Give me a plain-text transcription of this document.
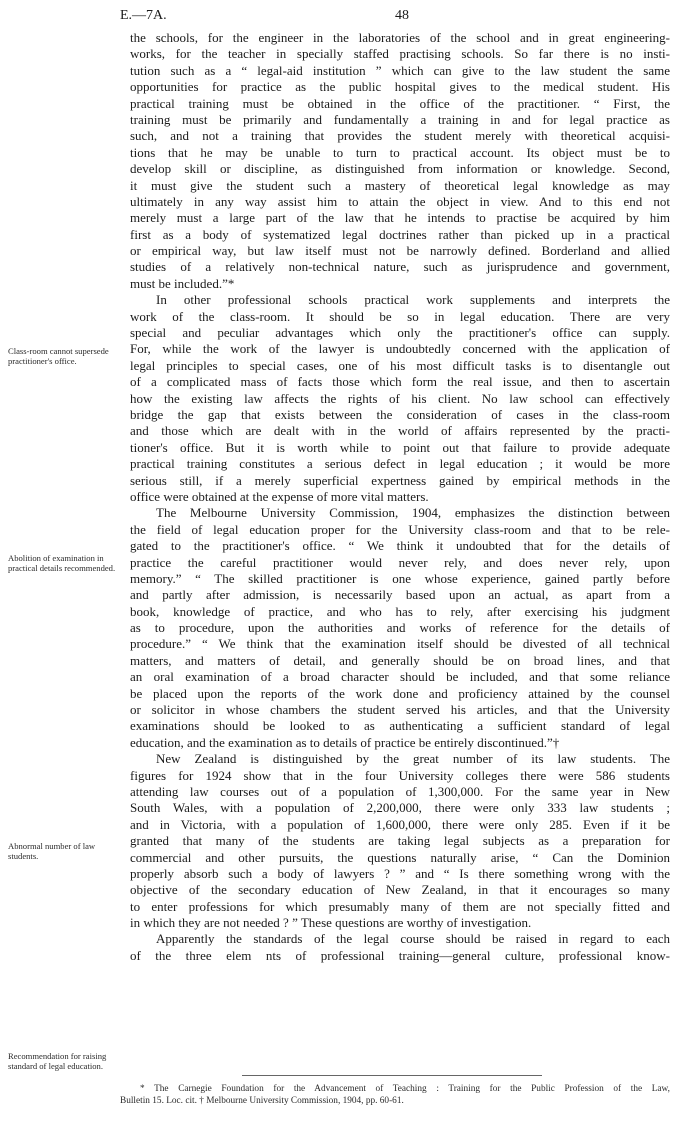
E.—7A.	48
Class-room cannot supersede practitioner's office.
Abolition of examination in practical details recommended.
Abnormal number of law students.
Recommendation for raising standard of legal education.
the schools, for the engineer in the laboratories of the school and in great engineering-
works, for the teacher in specially staffed practising schools. So far there is no insti-
tution such as a “ legal-aid institution ” which can give to the law student the same
opportunities for practice as the public hospital gives to the medical student. His
practical training must be obtained in the office of the practitioner. “ First, the
training must be primarily and fundamentally a training in and for legal practice as
such, and not a training that provides the student merely with theoretical acquisi-
tions that he may be unable to turn to practical account. Its object must be to
develop skill or discipline, as distinguished from information or knowledge. Second,
it must give the student such a mastery of theoretical legal knowledge as may
ultimately in any way assist him to attain the object in view. And to this end not
merely must a large part of the law that he intends to practise be acquired by him
first as a body of systematized legal doctrines rather than picked up in a practical
or empirical way, but law itself must not be narrowly defined. Borderland and allied
studies of a relatively non-technical nature, such as jurisprudence and government,
must be included.”*
In other professional schools practical work supplements and interprets the
work of the class-room. It should be so in legal education. There are very
special and peculiar advantages which only the practitioner's office can supply.
For, while the work of the lawyer is undoubtedly concerned with the application of
legal principles to special cases, one of his most difficult tasks is to disentangle out
of a complicated mass of facts those which form the real issue, and then to ascertain
how the existing law affects the rights of his client. No law school can effectively
bridge the gap that exists between the consideration of cases in the class-room
and those which are dealt with in the world of affairs represented by the practi-
tioner's office. But it is worth while to point out that failure to provide adequate
practical training constitutes a serious defect in legal education ; it would be more
serious still, if a merely superficial expertness gained by empirical methods in the
office were obtained at the expense of more vital matters.
The Melbourne University Commission, 1904, emphasizes the distinction between
the field of legal education proper for the University class-room and that to be rele-
gated to the practitioner's office. “ We think it undoubted that for the details of
practice the careful practitioner would never rely, and does never rely, upon
memory.” “ The skilled practitioner is one whose experience, gained partly before
and partly after admission, is necessarily based upon an actual, as apart from a
book, knowledge of practice, and who has to rely, after exercising his judgment
as to procedure, upon the authorities and works of reference for the details of
procedure.” “ We think that the examination itself should be divested of all technical
matters, and matters of detail, and generally should be on broad lines, and that
an oral examination of a broad character should be included, and that some reliance
be placed upon the reports of the work done and proficiency attained by the counsel
or solicitor in whose chambers the student served his articles, and that the University
examinations should be looked to as authenticating a sufficient standard of legal
education, and the examination as to details of practice be entirely discontinued.”†
New Zealand is distinguished by the great number of its law students. The
figures for 1924 show that in the four University colleges there were 586 students
attending law courses out of a population of 1,300,000. For the same year in New
South Wales, with a population of 2,200,000, there were only 333 law students ;
and in Victoria, with a population of 1,600,000, there were only 285. Even if it be
granted that many of the students are taking legal subjects as a preparation for
commercial and other pursuits, the questions naturally arise, “ Can the Dominion
properly absorb such a body of lawyers ? ” and “ Is there something wrong with the
objective of the secondary education of New Zealand, in that it encourages so many
to enter professions for which presumably many of them are not specially fitted and
in which they are not needed ? ” These questions are worthy of investigation.
Apparently the standards of the legal course should be raised in regard to each
of the three elem nts of professional training—general culture, professional know-
* The Carnegie Foundation for the Advancement of Teaching : Training for the Public Profession of the Law,
Bulletin 15. Loc. cit. † Melbourne University Commission, 1904, pp. 60-61.
